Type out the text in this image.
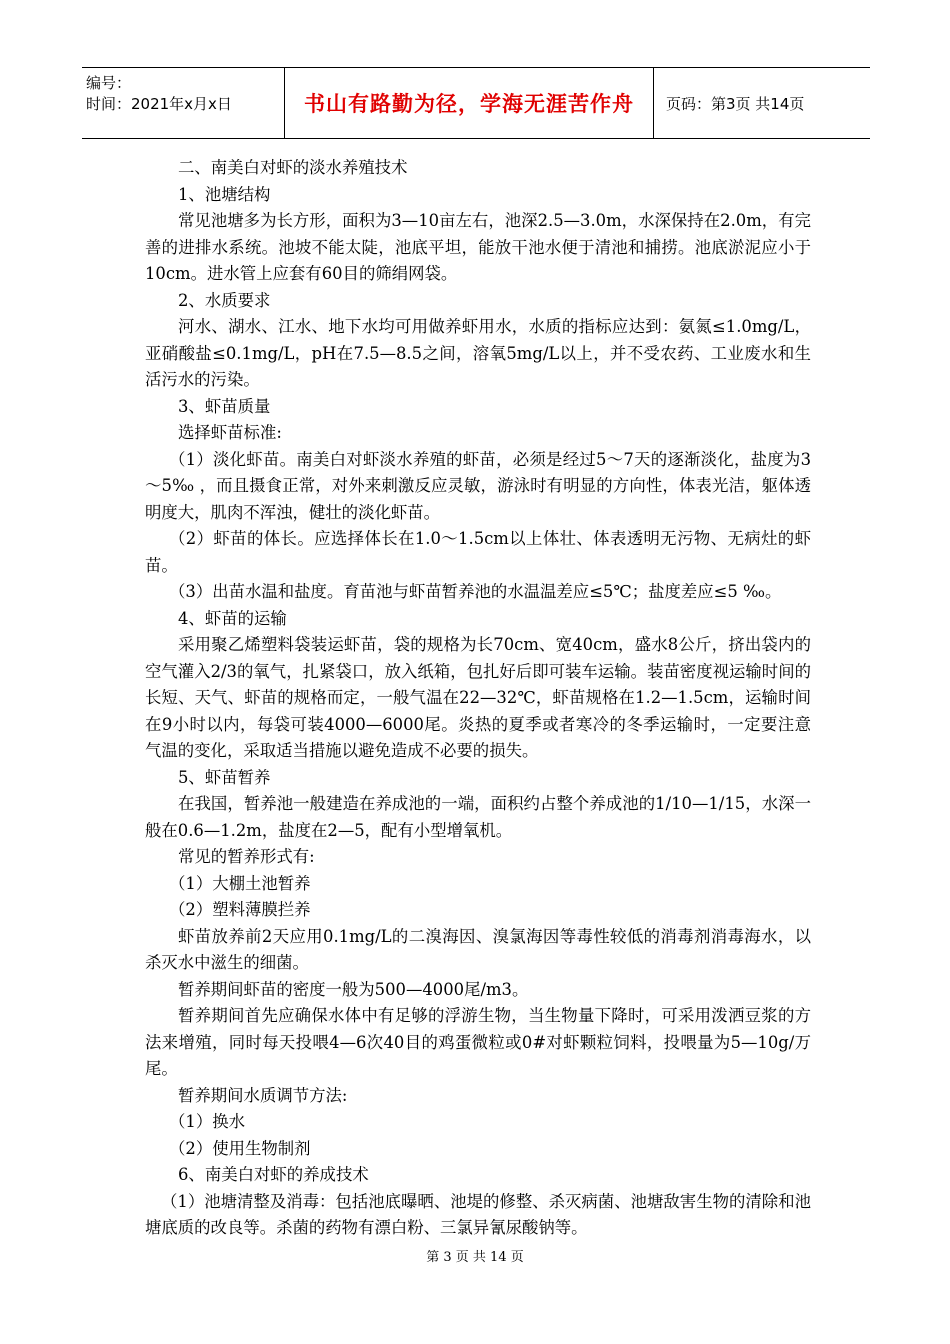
编号：
时间：2021年x月x日	书山有路勤为径，学海无涯苦作舟	页码：第3页 共14页

二、南美白对虾的淡水养殖技术

1、池塘结构

常见池塘多为长方形，面积为3—10亩左右，池深2.5—3.0m，水深保持在2.0m，有完善的进排水系统。池坡不能太陡，池底平坦，能放干池水便于清池和捕捞。池底淤泥应小于10cm。进水管上应套有60目的筛绢网袋。

2、水质要求

河水、湖水、江水、地下水均可用做养虾用水，水质的指标应达到：氨氮≤1.0mg/L，亚硝酸盐≤0.1mg/L，pH在7.5—8.5之间，溶氧5mg/L以上，并不受农药、工业废水和生活污水的污染。

3、虾苗质量

选择虾苗标准:

（1）淡化虾苗。南美白对虾淡水养殖的虾苗，必须是经过5～7天的逐渐淡化，盐度为3～5‰ ，而且摄食正常，对外来刺激反应灵敏，游泳时有明显的方向性，体表光洁，躯体透明度大，肌肉不浑浊，健壮的淡化虾苗。

（2）虾苗的体长。应选择体长在1.0～1.5cm以上体壮、体表透明无污物、无病灶的虾苗。

（3）出苗水温和盐度。育苗池与虾苗暂养池的水温温差应≤5℃；盐度差应≤5 ‰。

4、虾苗的运输

采用聚乙烯塑料袋装运虾苗，袋的规格为长70cm、宽40cm，盛水8公斤，挤出袋内的空气灌入2/3的氧气，扎紧袋口，放入纸箱，包扎好后即可装车运输。装苗密度视运输时间的长短、天气、虾苗的规格而定，一般气温在22—32℃，虾苗规格在1.2—1.5cm，运输时间在9小时以内，每袋可装4000—6000尾。炎热的夏季或者寒冷的冬季运输时，一定要注意气温的变化，采取适当措施以避免造成不必要的损失。

5、虾苗暂养

在我国，暂养池一般建造在养成池的一端，面积约占整个养成池的1/10—1/15，水深一般在0.6—1.2m，盐度在2—5，配有小型增氧机。

常见的暂养形式有:

（1）大棚土池暂养

（2）塑料薄膜拦养

虾苗放养前2天应用0.1mg/L的二溴海因、溴氯海因等毒性较低的消毒剂消毒海水，以杀灭水中滋生的细菌。

暂养期间虾苗的密度一般为500—4000尾/m3。

暂养期间首先应确保水体中有足够的浮游生物，当生物量下降时，可采用泼洒豆浆的方法来增殖，同时每天投喂4—6次40目的鸡蛋微粒或0#对虾颗粒饲料，投喂量为5—10g/万尾。

暂养期间水质调节方法:

（1）换水

（2）使用生物制剂

6、南美白对虾的养成技术

（1）池塘清整及消毒：包括池底曝晒、池堤的修整、杀灭病菌、池塘敌害生物的清除和池塘底质的改良等。杀菌的药物有漂白粉、三氯异氰尿酸钠等。

第 3 页 共 14 页
